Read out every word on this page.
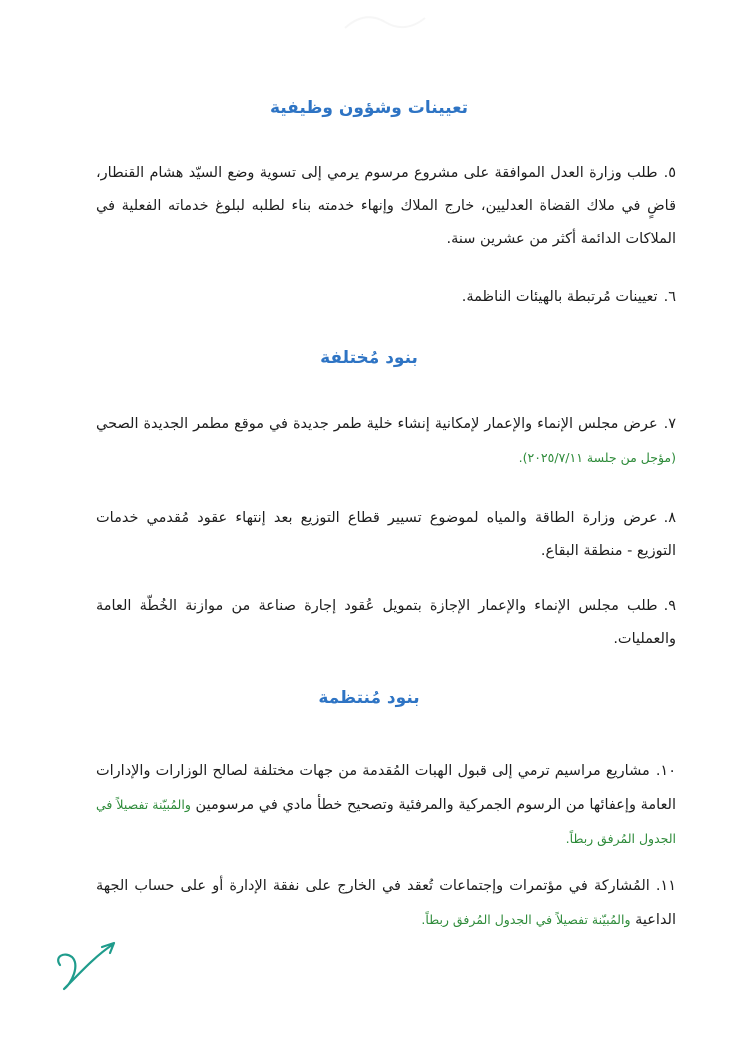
تعيينات وشؤون وظيفية

٥.طلب وزارة العدل الموافقة على مشروع مرسوم يرمي إلى تسوية وضع السيّد هشام القنطار، قاضٍ في ملاك القضاة العدليين، خارج الملاك وإنهاء خدمته بناء لطلبه لبلوغ خدماته الفعلية في الملاكات الدائمة أكثر من عشرين سنة.

٦.تعيينات مُرتبطة بالهيئات الناظمة.

بنود مُختلفة

٧.عرض مجلس الإنماء والإعمار لإمكانية إنشاء خلية طمر جديدة في موقع مطمر الجديدة الصحي (مؤجل من جلسة ٢٠٢٥/٧/١١).

٨.عرض وزارة الطاقة والمياه لموضوع تسيير قطاع التوزيع بعد إنتهاء عقود مُقدمي خدمات التوزيع - منطقة البقاع.

٩.طلب مجلس الإنماء والإعمار الإجازة بتمويل عُقود إجارة صناعة من موازنة الخُطّة العامة والعمليات.

بنود مُنتظمة

١٠.مشاريع مراسيم ترمي إلى قبول الهبات المُقدمة من جهات مختلفة لصالح الوزارات والإدارات العامة وإعفائها من الرسوم الجمركية والمرفئية وتصحيح خطأ مادي في مرسومين والمُبيّنة تفصيلاً في الجدول المُرفق ربطاً.

١١.المُشاركة في مؤتمرات وإجتماعات تُعقد في الخارج على نفقة الإدارة أو على حساب الجهة الداعية والمُبيّنة تفصيلاً في الجدول المُرفق ربطاً.
